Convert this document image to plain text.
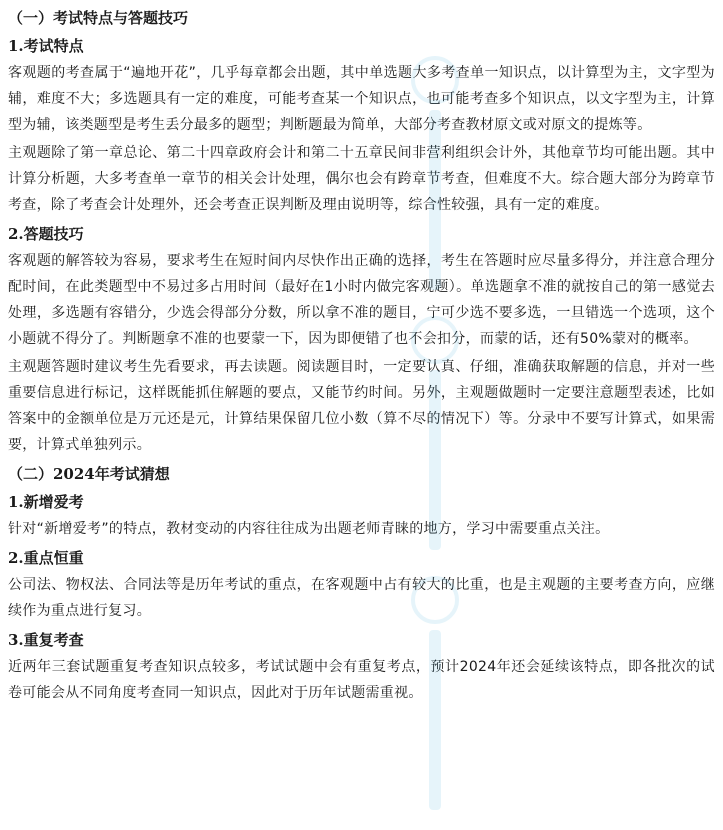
（一）考试特点与答题技巧
1.考试特点

客观题的考查属于“遍地开花”，几乎每章都会出题，其中单选题大多考查单一知识点，以计算型为主，文字型为辅，难度不大；多选题具有一定的难度，可能考查某一个知识点，也可能考查多个知识点，以文字型为主，计算型为辅，该类题型是考生丢分最多的题型；判断题最为简单，大部分考查教材原文或对原文的提炼等。

主观题除了第一章总论、第二十四章政府会计和第二十五章民间非营利组织会计外，其他章节均可能出题。其中计算分析题，大多考查单一章节的相关会计处理，偶尔也会有跨章节考查，但难度不大。综合题大部分为跨章节考查，除了考查会计处理外，还会考查正误判断及理由说明等，综合性较强，具有一定的难度。

2.答题技巧

客观题的解答较为容易，要求考生在短时间内尽快作出正确的选择，考生在答题时应尽量多得分，并注意合理分配时间，在此类题型中不易过多占用时间（最好在1小时内做完客观题）。单选题拿不准的就按自己的第一感觉去处理，多选题有容错分，少选会得部分分数，所以拿不准的题目，宁可少选不要多选，一旦错选一个选项，这个小题就不得分了。判断题拿不准的也要蒙一下，因为即便错了也不会扣分，而蒙的话，还有50%蒙对的概率。

主观题答题时建议考生先看要求，再去读题。阅读题目时，一定要认真、仔细，准确获取解题的信息，并对一些重要信息进行标记，这样既能抓住解题的要点，又能节约时间。另外，主观题做题时一定要注意题型表述，比如答案中的金额单位是万元还是元，计算结果保留几位小数（算不尽的情况下）等。分录中不要写计算式，如果需要，计算式单独列示。

（二）2024年考试猜想
1.新增爱考

针对“新增爱考”的特点，教材变动的内容往往成为出题老师青睐的地方，学习中需要重点关注。

2.重点恒重

公司法、物权法、合同法等是历年考试的重点，在客观题中占有较大的比重，也是主观题的主要考查方向，应继续作为重点进行复习。

3.重复考查

近两年三套试题重复考查知识点较多，考试试题中会有重复考点，预计2024年还会延续该特点，即各批次的试卷可能会从不同角度考查同一知识点，因此对于历年试题需重视。
